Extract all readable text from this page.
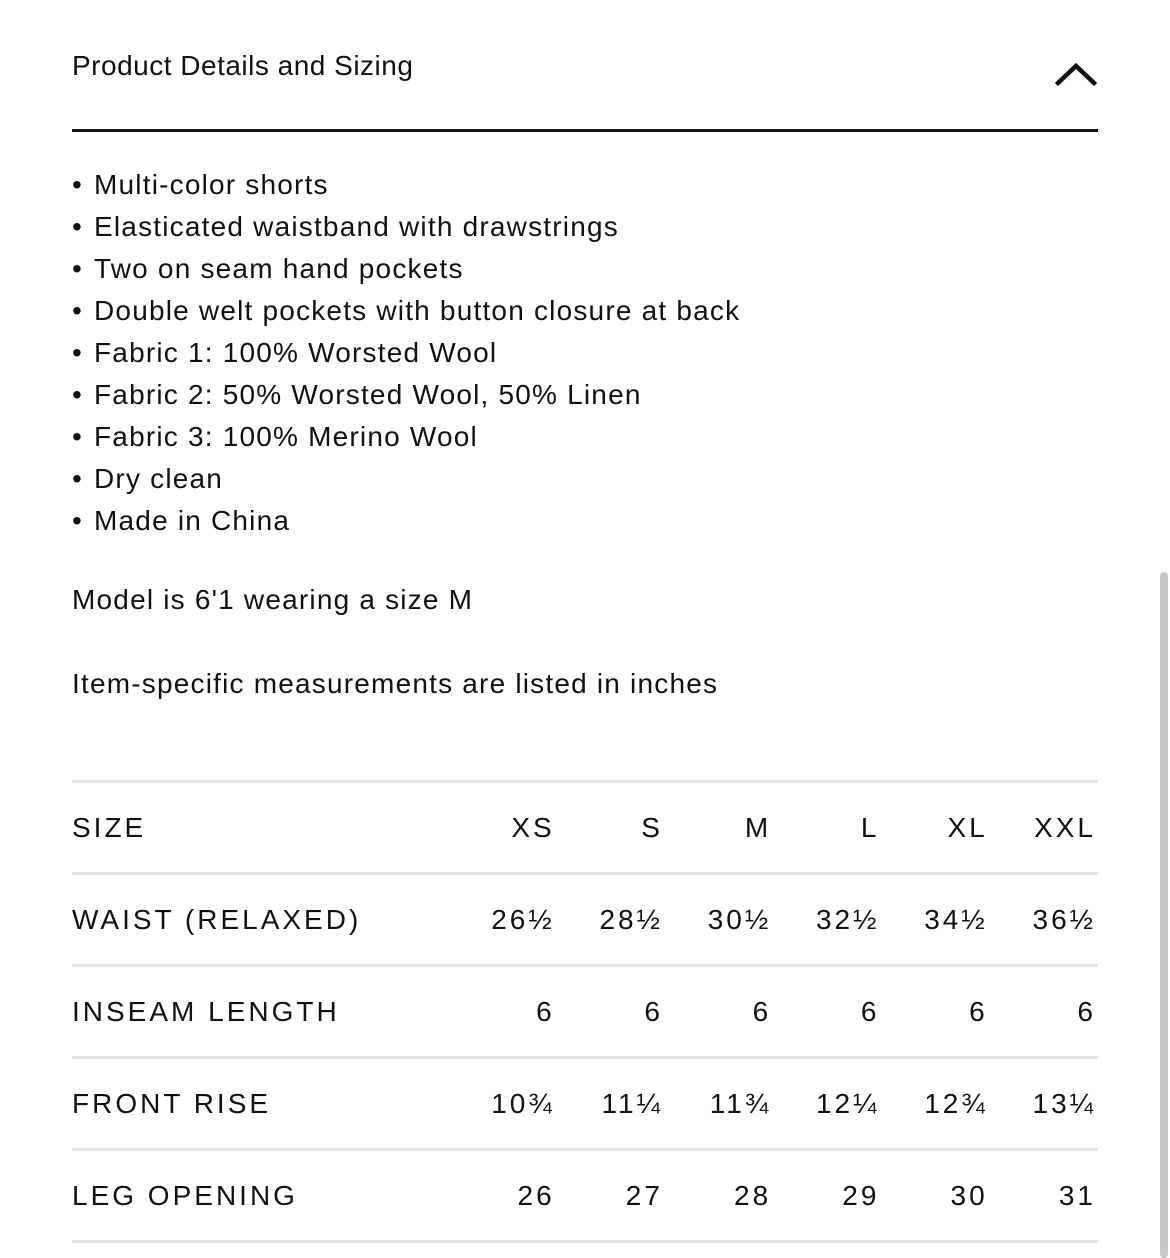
Product Details and Sizing
• Multi-color shorts
• Elasticated waistband with drawstrings
• Two on seam hand pockets
• Double welt pockets with button closure at back
• Fabric 1: 100% Worsted Wool
• Fabric 2: 50% Worsted Wool, 50% Linen
• Fabric 3: 100% Merino Wool
• Dry clean
• Made in China
Model is 6'1 wearing a size M
Item-specific measurements are listed in inches
SIZE	XS	S	M	L	XL	XXL
WAIST (RELAXED)	26½	28½	30½	32½	34½	36½
INSEAM LENGTH	6	6	6	6	6	6
FRONT RISE	10¾	11¼	11¾	12¼	12¾	13¼
LEG OPENING	26	27	28	29	30	31
